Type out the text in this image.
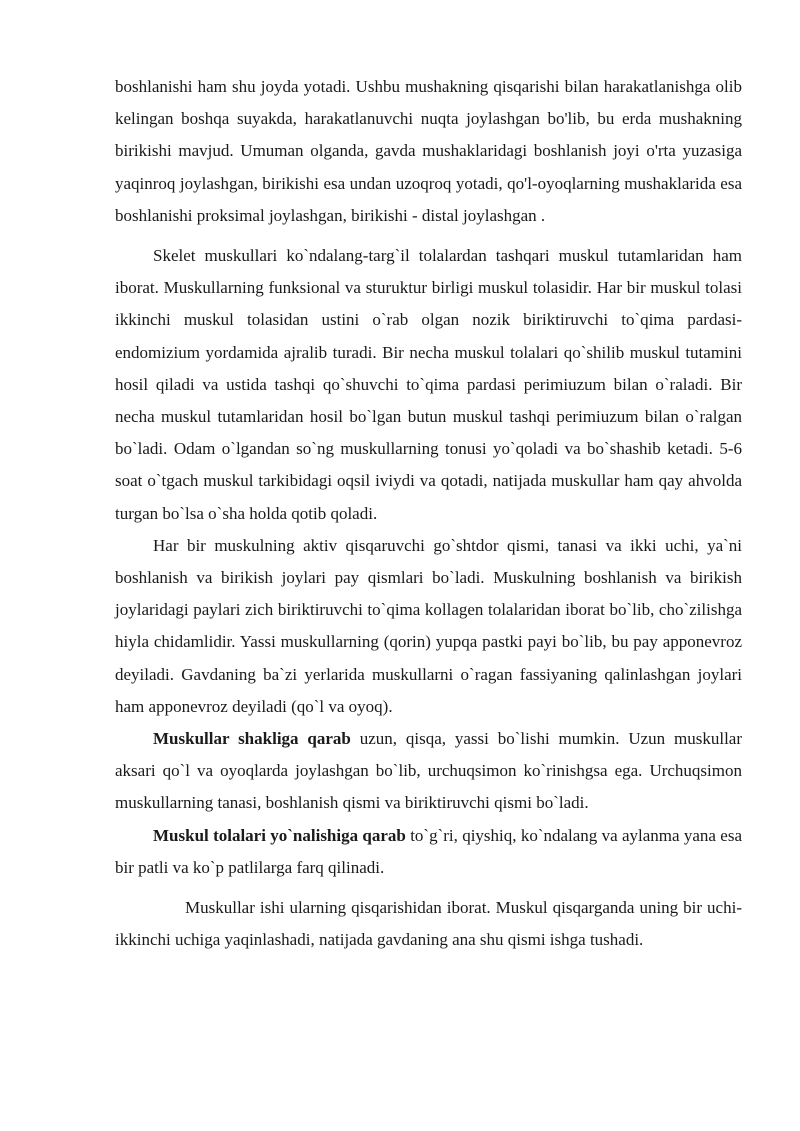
boshlanishi ham shu joyda yotadi. Ushbu mushakning qisqarishi bilan harakatlanishga olib kelingan boshqa suyakda, harakatlanuvchi nuqta joylashgan bo'lib, bu erda mushakning birikishi mavjud. Umuman olganda, gavda mushaklaridagi boshlanish joyi o'rta yuzasiga yaqinroq joylashgan, birikishi esa undan uzoqroq yotadi, qo'l-oyoqlarning mushaklarida esa boshlanishi proksimal joylashgan, birikishi - distal joylashgan .

Skelet muskullari ko`ndalang-targ`il tolalardan tashqari muskul tutamlaridan ham iborat. Muskullarning funksional va sturuktur birligi muskul tolasidir. Har bir muskul tolasi ikkinchi muskul tolasidan ustini o`rab olgan nozik biriktiruvchi to`qima pardasi-endomizium yordamida ajralib turadi. Bir necha muskul tolalari qo`shilib muskul tutamini hosil qiladi va ustida tashqi qo`shuvchi to`qima pardasi perimiuzum bilan o`raladi. Bir necha muskul tutamlaridan hosil bo`lgan butun muskul tashqi perimiuzum bilan o`ralgan bo`ladi. Odam o`lgandan so`ng muskullarning tonusi yo`qoladi va bo`shashib ketadi. 5-6 soat o`tgach muskul tarkibidagi oqsil iviydi va qotadi, natijada muskullar ham qay ahvolda turgan bo`lsa o`sha holda qotib qoladi.

Har bir muskulning aktiv qisqaruvchi go`shtdor qismi, tanasi va ikki uchi, ya`ni boshlanish va birikish joylari pay qismlari bo`ladi. Muskulning boshlanish va birikish joylaridagi paylari zich biriktiruvchi to`qima kollagen tolalaridan iborat bo`lib, cho`zilishga hiyla chidamlidir. Yassi muskullarning (qorin) yupqa pastki payi bo`lib, bu pay apponevroz deyiladi. Gavdaning ba`zi yerlarida muskullarni o`ragan fassiyaning qalinlashgan joylari ham apponevroz deyiladi (qo`l va oyoq).

Muskullar shakliga qarab uzun, qisqa, yassi bo`lishi mumkin. Uzun muskullar aksari qo`l va oyoqlarda joylashgan bo`lib, urchuqsimon ko`rinishgsa ega. Urchuqsimon muskullarning tanasi, boshlanish qismi va biriktiruvchi qismi bo`ladi.

Muskul tolalari yo`nalishiga qarab to`g`ri, qiyshiq, ko`ndalang va aylanma yana esa bir patli va ko`p patlilarga farq qilinadi.

Muskullar ishi ularning qisqarishidan iborat. Muskul qisqarganda uning bir uchi-ikkinchi uchiga yaqinlashadi, natijada gavdaning ana shu qismi ishga tushadi.
